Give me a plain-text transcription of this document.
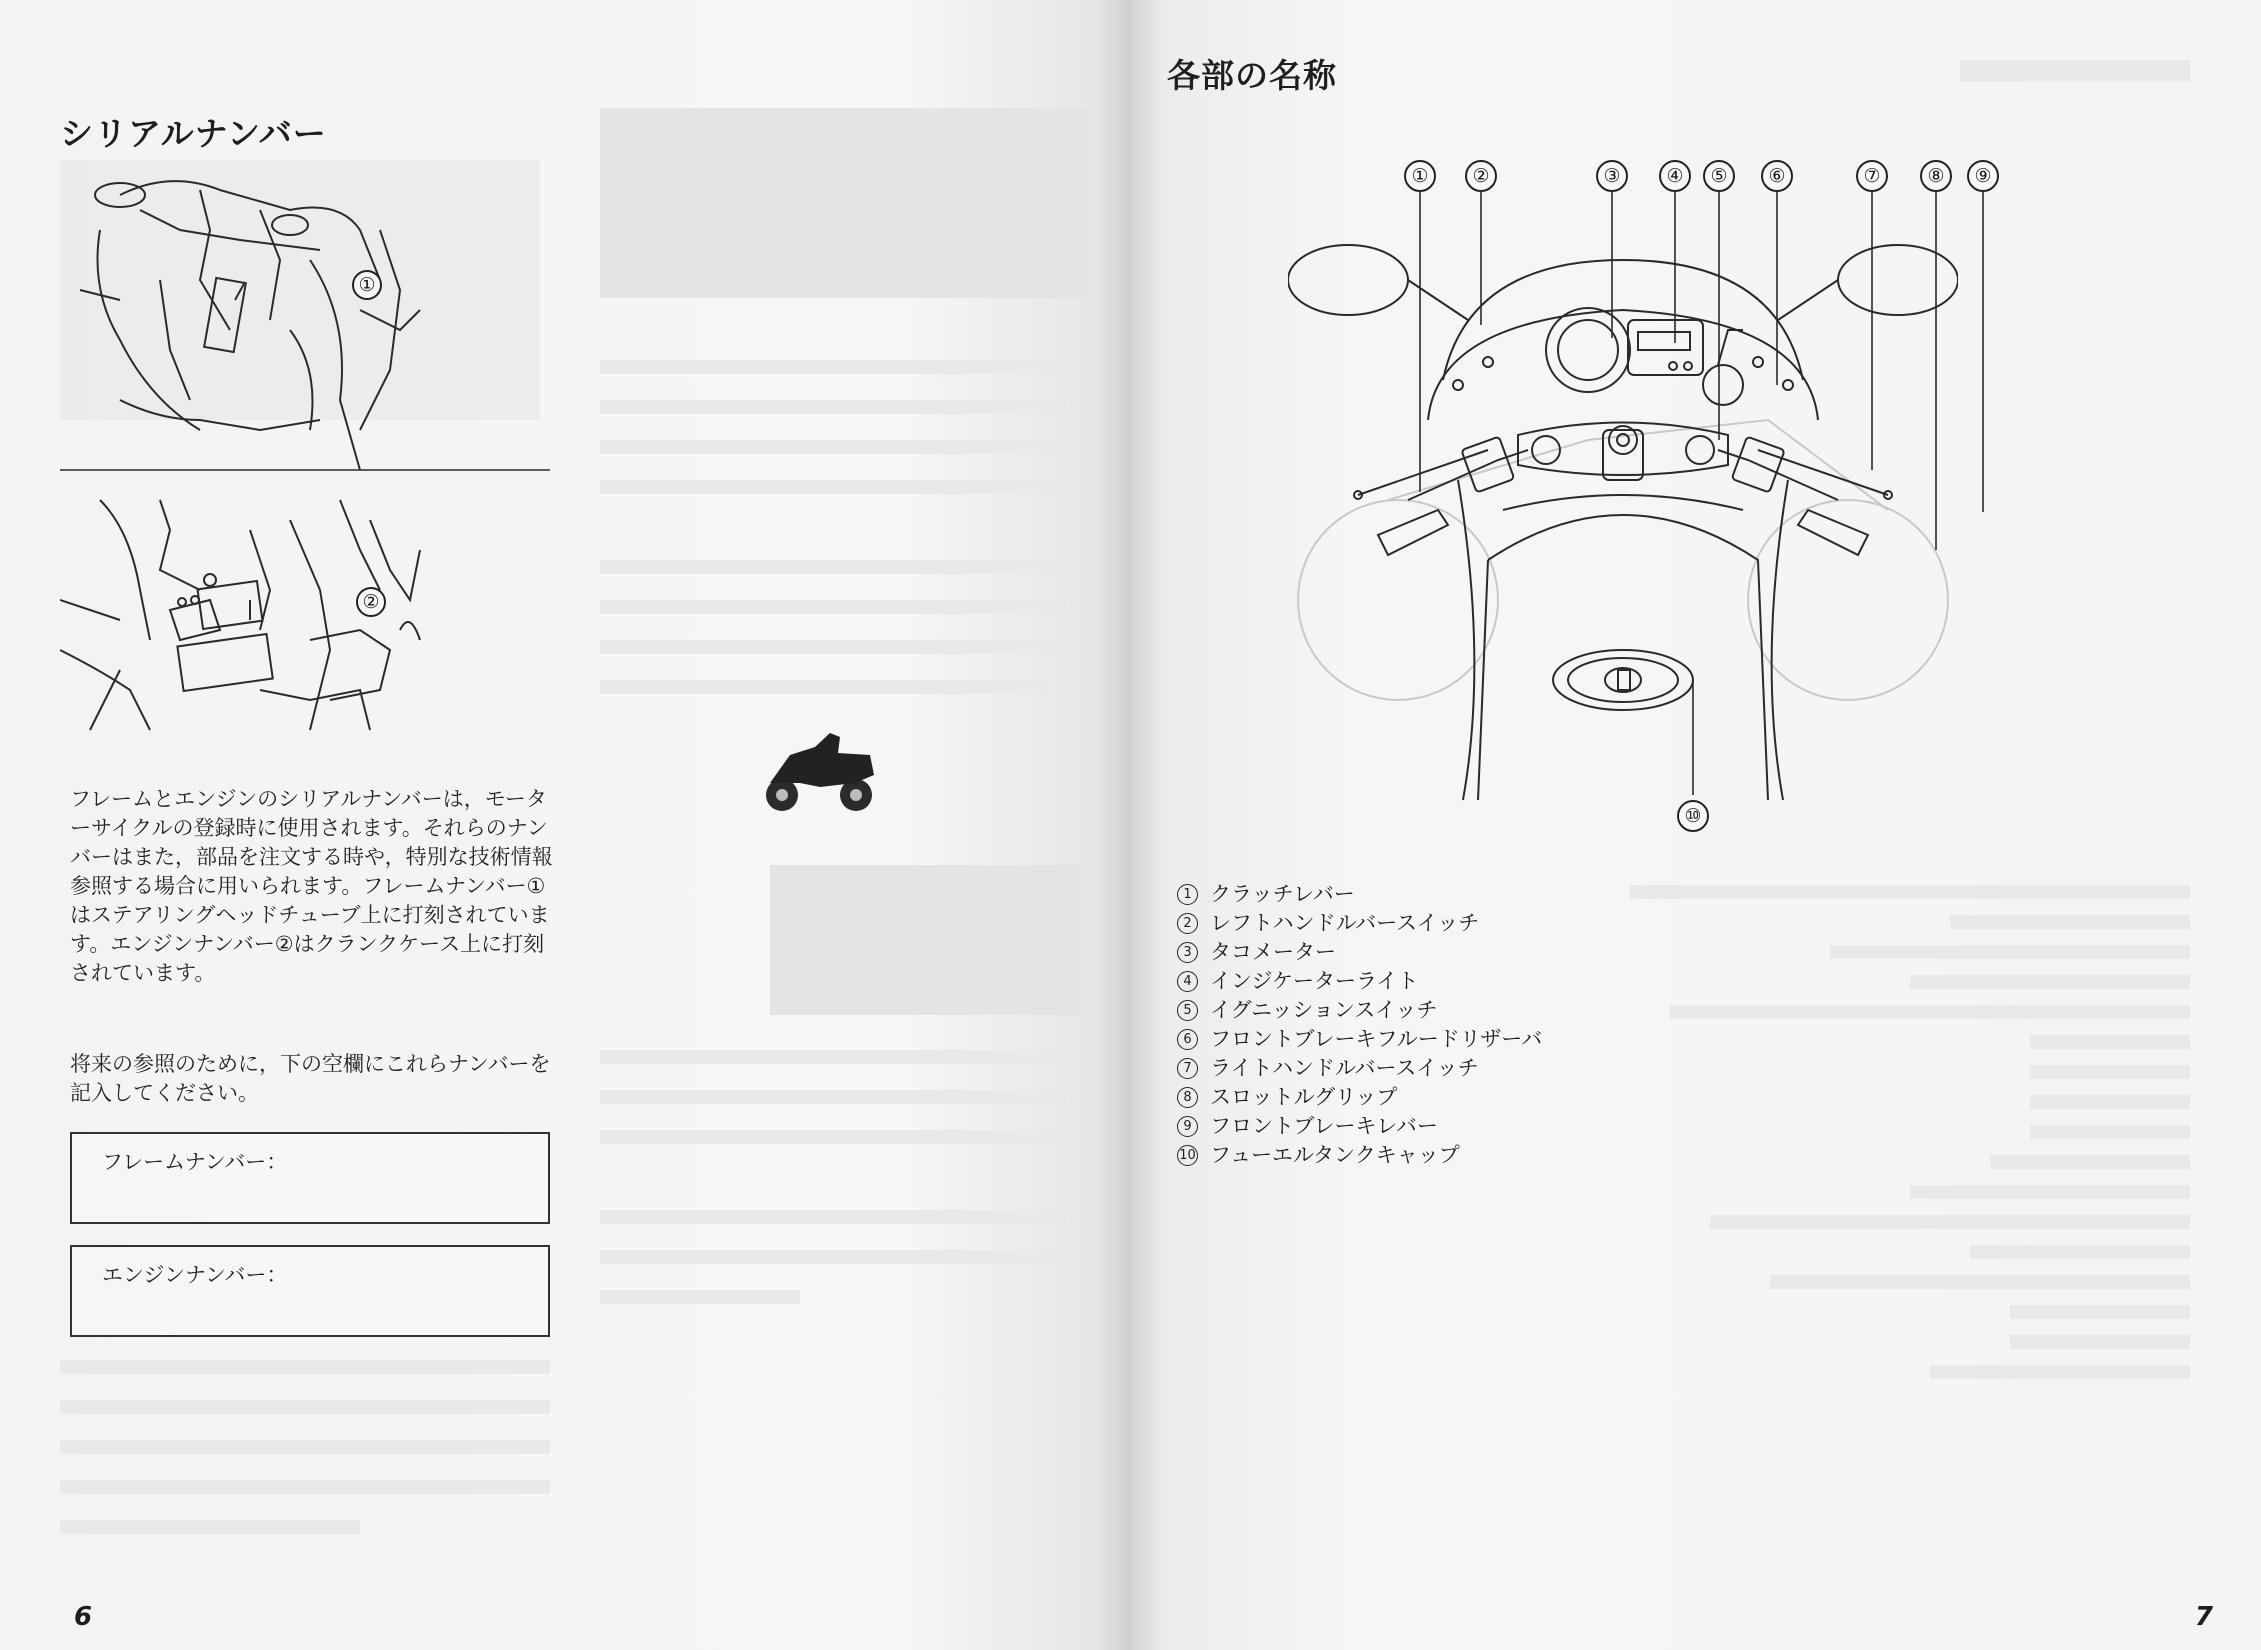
シリアルナンバー
①
②

フレームとエンジンのシリアルナンバーは，モーターサイクルの登録時に使用されます。それらのナンバーはまた，部品を注文する時や，特別な技術情報参照する場合に用いられます。フレームナンバー①はステアリングヘッドチューブ上に打刻されています。エンジンナンバー②はクランクケース上に打刻されています。

将来の参照のために，下の空欄にこれらナンバーを記入してください。

フレームナンバー：
エンジンナンバー：
6
各部の名称
①	②	③	④	⑤	⑥	⑦	⑧	⑨
⑩
1 クラッチレバー
2 レフトハンドルバースイッチ
3 タコメーター
4 インジケーターライト
5 イグニッションスイッチ
6 フロントブレーキフルードリザーバ
7 ライトハンドルバースイッチ
8 スロットルグリップ
9 フロントブレーキレバー
10 フューエルタンクキャップ
7
